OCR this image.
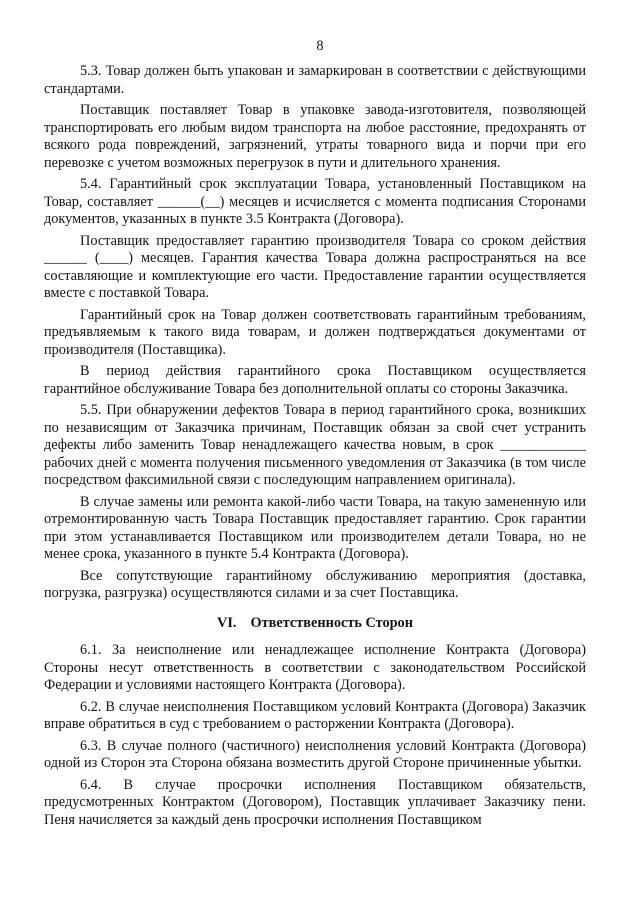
8

5.3. Товар должен быть упакован и замаркирован в соответствии с действующими стандартами.

Поставщик поставляет Товар в упаковке завода-изготовителя, позволяющей транспортировать его любым видом транспорта на любое расстояние, предохранять от всякого рода повреждений, загрязнений, утраты товарного вида и порчи при его перевозке с учетом возможных перегрузок в пути и длительного хранения.

5.4. Гарантийный срок эксплуатации Товара, установленный Поставщиком на Товар, составляет ______(__) месяцев и исчисляется с момента подписания Сторонами документов, указанных в пункте 3.5 Контракта (Договора).

Поставщик предоставляет гарантию производителя Товара со сроком действия ______ (____) месяцев. Гарантия качества Товара должна распространяться на все составляющие и комплектующие его части. Предоставление гарантии осуществляется вместе с поставкой Товара.

Гарантийный срок на Товар должен соответствовать гарантийным требованиям, предъявляемым к такого вида товарам, и должен подтверждаться документами от производителя (Поставщика).

В период действия гарантийного срока Поставщиком осуществляется гарантийное обслуживание Товара без дополнительной оплаты со стороны Заказчика.

5.5. При обнаружении дефектов Товара в период гарантийного срока, возникших по независящим от Заказчика причинам, Поставщик обязан за свой счет устранить дефекты либо заменить Товар ненадлежащего качества новым, в срок ____________ рабочих дней с момента получения письменного уведомления от Заказчика (в том числе посредством факсимильной связи с последующим направлением оригинала).

В случае замены или ремонта какой-либо части Товара, на такую замененную или отремонтированную часть Товара Поставщик предоставляет гарантию. Срок гарантии при этом устанавливается Поставщиком или производителем детали Товара, но не менее срока, указанного в пункте 5.4 Контракта (Договора).

Все сопутствующие гарантийному обслуживанию мероприятия (доставка, погрузка, разгрузка) осуществляются силами и за счет Поставщика.

VI. Ответственность Сторон

6.1. За неисполнение или ненадлежащее исполнение Контракта (Договора) Стороны несут ответственность в соответствии с законодательством Российской Федерации и условиями настоящего Контракта (Договора).

6.2. В случае неисполнения Поставщиком условий Контракта (Договора) Заказчик вправе обратиться в суд с требованием о расторжении Контракта (Договора).

6.3. В случае полного (частичного) неисполнения условий Контракта (Договора) одной из Сторон эта Сторона обязана возместить другой Стороне причиненные убытки.

6.4. В случае просрочки исполнения Поставщиком обязательств, предусмотренных Контрактом (Договором), Поставщик уплачивает Заказчику пени. Пеня начисляется за каждый день просрочки исполнения Поставщиком
